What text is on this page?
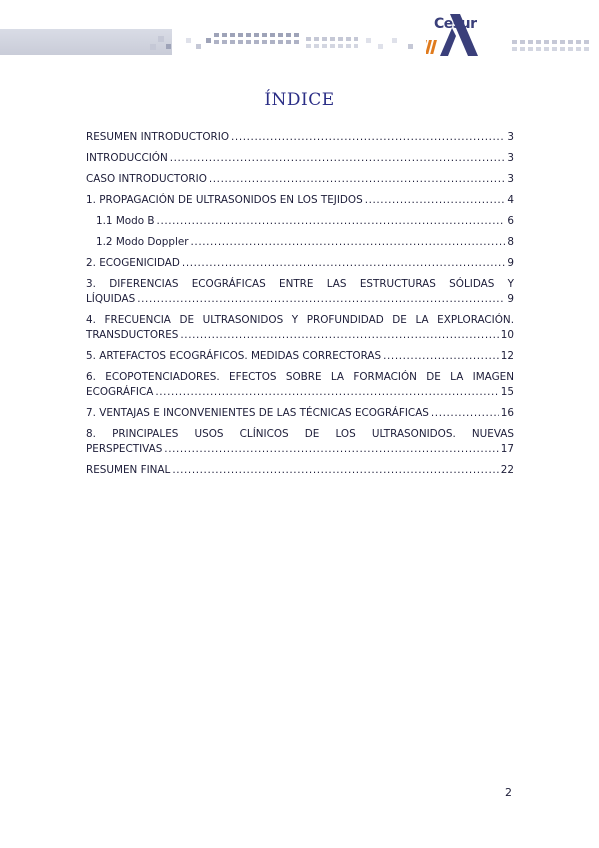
Cesur
ÍNDICE
RESUMEN INTRODUCTORIO .....	3
INTRODUCCIÓN .....	3
CASO INTRODUCTORIO .....	3
1. PROPAGACIÓN DE ULTRASONIDOS EN LOS TEJIDOS .....	4
1.1 Modo B .....	6
1.2 Modo Doppler .....	8
2. ECOGENICIDAD .....	9
3. DIFERENCIAS ECOGRÁFICAS ENTRE LAS ESTRUCTURAS SÓLIDAS Y
LÍQUIDAS .....	9
4. FRECUENCIA DE ULTRASONIDOS Y PROFUNDIDAD DE LA EXPLORACIÓN.
TRANSDUCTORES .....	10
5. ARTEFACTOS ECOGRÁFICOS. MEDIDAS CORRECTORAS .....	12
6. ECOPOTENCIADORES. EFECTOS SOBRE LA FORMACIÓN DE LA IMAGEN
ECOGRÁFICA .....	15
7. VENTAJAS E INCONVENIENTES DE LAS TÉCNICAS ECOGRÁFICAS .....	16
8. PRINCIPALES USOS CLÍNICOS DE LOS ULTRASONIDOS. NUEVAS
PERSPECTIVAS .....	17
RESUMEN FINAL .....	22
2
